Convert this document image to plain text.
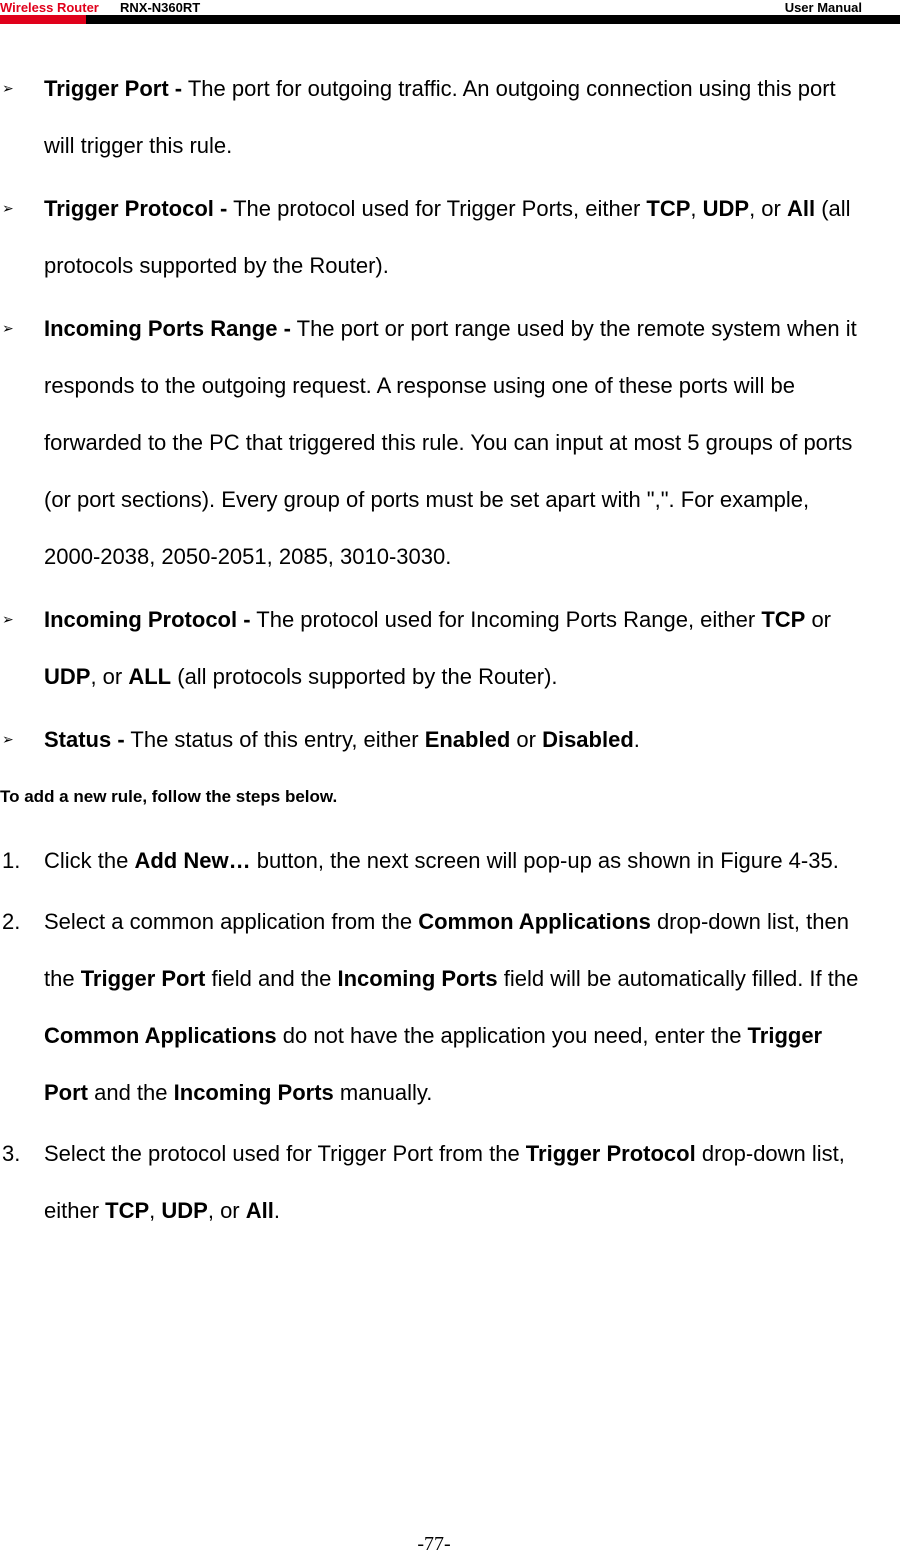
Wireless Router RNX-N360RT	User Manual
➢ Trigger Port - The port for outgoing traffic. An outgoing connection using this port will trigger this rule.
➢ Trigger Protocol - The protocol used for Trigger Ports, either TCP, UDP, or All (all protocols supported by the Router).
➢ Incoming Ports Range - The port or port range used by the remote system when it responds to the outgoing request. A response using one of these ports will be forwarded to the PC that triggered this rule. You can input at most 5 groups of ports (or port sections). Every group of ports must be set apart with ",". For example, 2000-2038, 2050-2051, 2085, 3010-3030.
➢ Incoming Protocol - The protocol used for Incoming Ports Range, either TCP or UDP, or ALL (all protocols supported by the Router).
➢ Status - The status of this entry, either Enabled or Disabled.
To add a new rule, follow the steps below.
1. Click the Add New… button, the next screen will pop-up as shown in Figure 4-35.
2. Select a common application from the Common Applications drop-down list, then the Trigger Port field and the Incoming Ports field will be automatically filled. If the Common Applications do not have the application you need, enter the Trigger Port and the Incoming Ports manually.
3. Select the protocol used for Trigger Port from the Trigger Protocol drop-down list, either TCP, UDP, or All.
-77-
